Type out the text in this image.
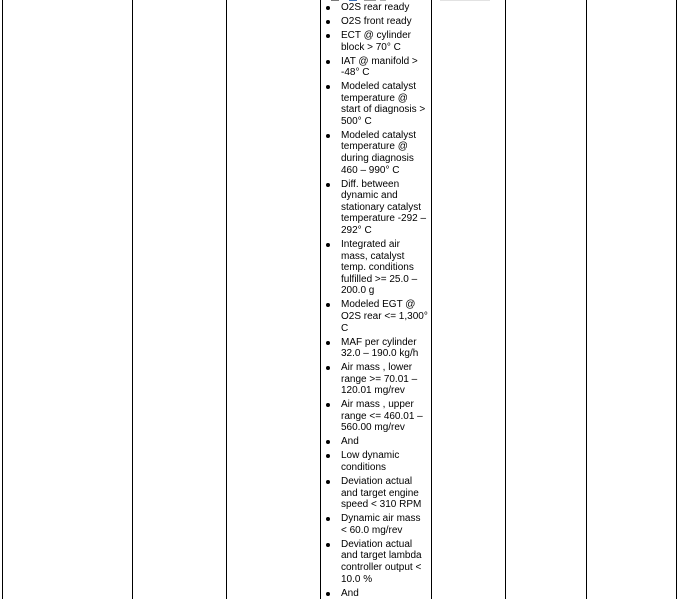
O2S rear ready
O2S front ready
ECT @ cylinder block > 70° C
IAT @ manifold > -48° C
Modeled catalyst temperature @ start of diagnosis > 500° C
Modeled catalyst temperature @ during diagnosis 460 – 990° C
Diff. between dynamic and stationary catalyst temperature -292 – 292° C
Integrated air mass, catalyst temp. conditions fulfilled >= 25.0 – 200.0 g
Modeled EGT @ O2S rear <= 1,300° C
MAF per cylinder 32.0 – 190.0 kg/h
Air mass , lower range >= 70.01 – 120.01 mg/rev
Air mass , upper range <= 460.01 – 560.00 mg/rev
And
Low dynamic conditions
Deviation actual and target engine speed < 310 RPM
Dynamic air mass < 60.0 mg/rev
Deviation actual and target lambda controller output < 10.0 %
And
